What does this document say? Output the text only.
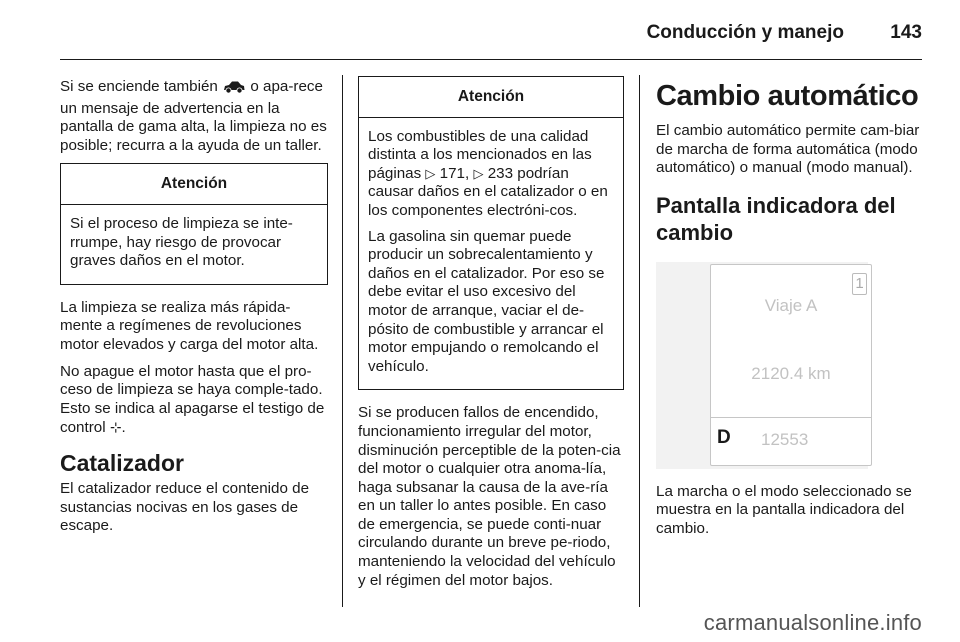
Conducción y manejo 143

Si se enciende también  o apa-rece un mensaje de advertencia en la pantalla de gama alta, la limpieza no es posible; recurra a la ayuda de un taller.

Atención

Si el proceso de limpieza se inte-rrumpe, hay riesgo de provocar graves daños en el motor.

La limpieza se realiza más rápida-mente a regímenes de revoluciones motor elevados y carga del motor alta.

No apague el motor hasta que el pro-ceso de limpieza se haya comple-tado. Esto se indica al apagarse el testigo de control ⊹.

Catalizador

El catalizador reduce el contenido de sustancias nocivas en los gases de escape.

Atención

Los combustibles de una calidad distinta a los mencionados en las páginas ▷ 171, ▷ 233 podrían causar daños en el catalizador o en los componentes electróni-cos.

La gasolina sin quemar puede producir un sobrecalentamiento y daños en el catalizador. Por eso se debe evitar el uso excesivo del motor de arranque, vaciar el de-pósito de combustible y arrancar el motor empujando o remolcando el vehículo.

Si se producen fallos de encendido, funcionamiento irregular del motor, disminución perceptible de la poten-cia del motor o cualquier otra anoma-lía, haga subsanar la causa de la ave-ría en un taller lo antes posible. En caso de emergencia, se puede conti-nuar circulando durante un breve pe-riodo, manteniendo la velocidad del vehículo y el régimen del motor bajos.

Cambio automático

El cambio automático permite cam-biar de marcha de forma automática (modo automático) o manual (modo manual).

Pantalla indicadora del cambio
1
Viaje A
2120.4 km
D 12553

La marcha o el modo seleccionado se muestra en la pantalla indicadora del cambio.

carmanualsonline.info
